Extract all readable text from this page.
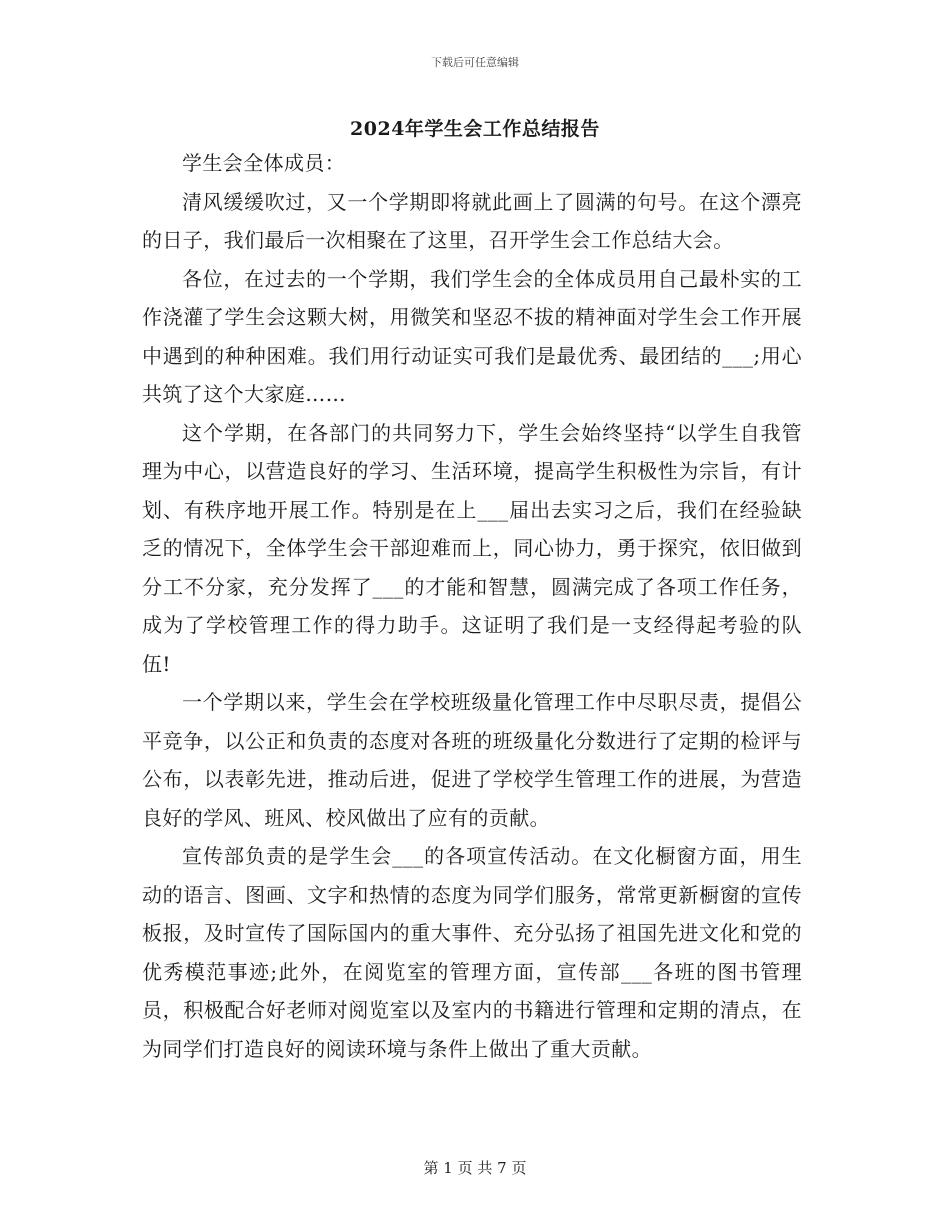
下载后可任意编辑
2024年学生会工作总结报告

学生会全体成员：

清风缓缓吹过，又一个学期即将就此画上了圆满的句号。在这个漂亮的日子，我们最后一次相聚在了这里，召开学生会工作总结大会。

各位，在过去的一个学期，我们学生会的全体成员用自己最朴实的工作浇灌了学生会这颗大树，用微笑和坚忍不拔的精神面对学生会工作开展中遇到的种种困难。我们用行动证实可我们是最优秀、最团结的___;用心共筑了这个大家庭……

这个学期，在各部门的共同努力下，学生会始终坚持“以学生自我管理为中心，以营造良好的学习、生活环境，提高学生积极性为宗旨，有计划、有秩序地开展工作。特别是在上___届出去实习之后，我们在经验缺乏的情况下，全体学生会干部迎难而上，同心协力，勇于探究，依旧做到分工不分家，充分发挥了___的才能和智慧，圆满完成了各项工作任务，成为了学校管理工作的得力助手。这证明了我们是一支经得起考验的队伍!

一个学期以来，学生会在学校班级量化管理工作中尽职尽责，提倡公平竞争，以公正和负责的态度对各班的班级量化分数进行了定期的检评与公布，以表彰先进，推动后进，促进了学校学生管理工作的进展，为营造良好的学风、班风、校风做出了应有的贡献。

宣传部负责的是学生会___的各项宣传活动。在文化橱窗方面，用生动的语言、图画、文字和热情的态度为同学们服务，常常更新橱窗的宣传板报，及时宣传了国际国内的重大事件、充分弘扬了祖国先进文化和党的优秀模范事迹;此外，在阅览室的管理方面，宣传部___各班的图书管理员，积极配合好老师对阅览室以及室内的书籍进行管理和定期的清点，在为同学们打造良好的阅读环境与条件上做出了重大贡献。

第 1 页 共 7 页
